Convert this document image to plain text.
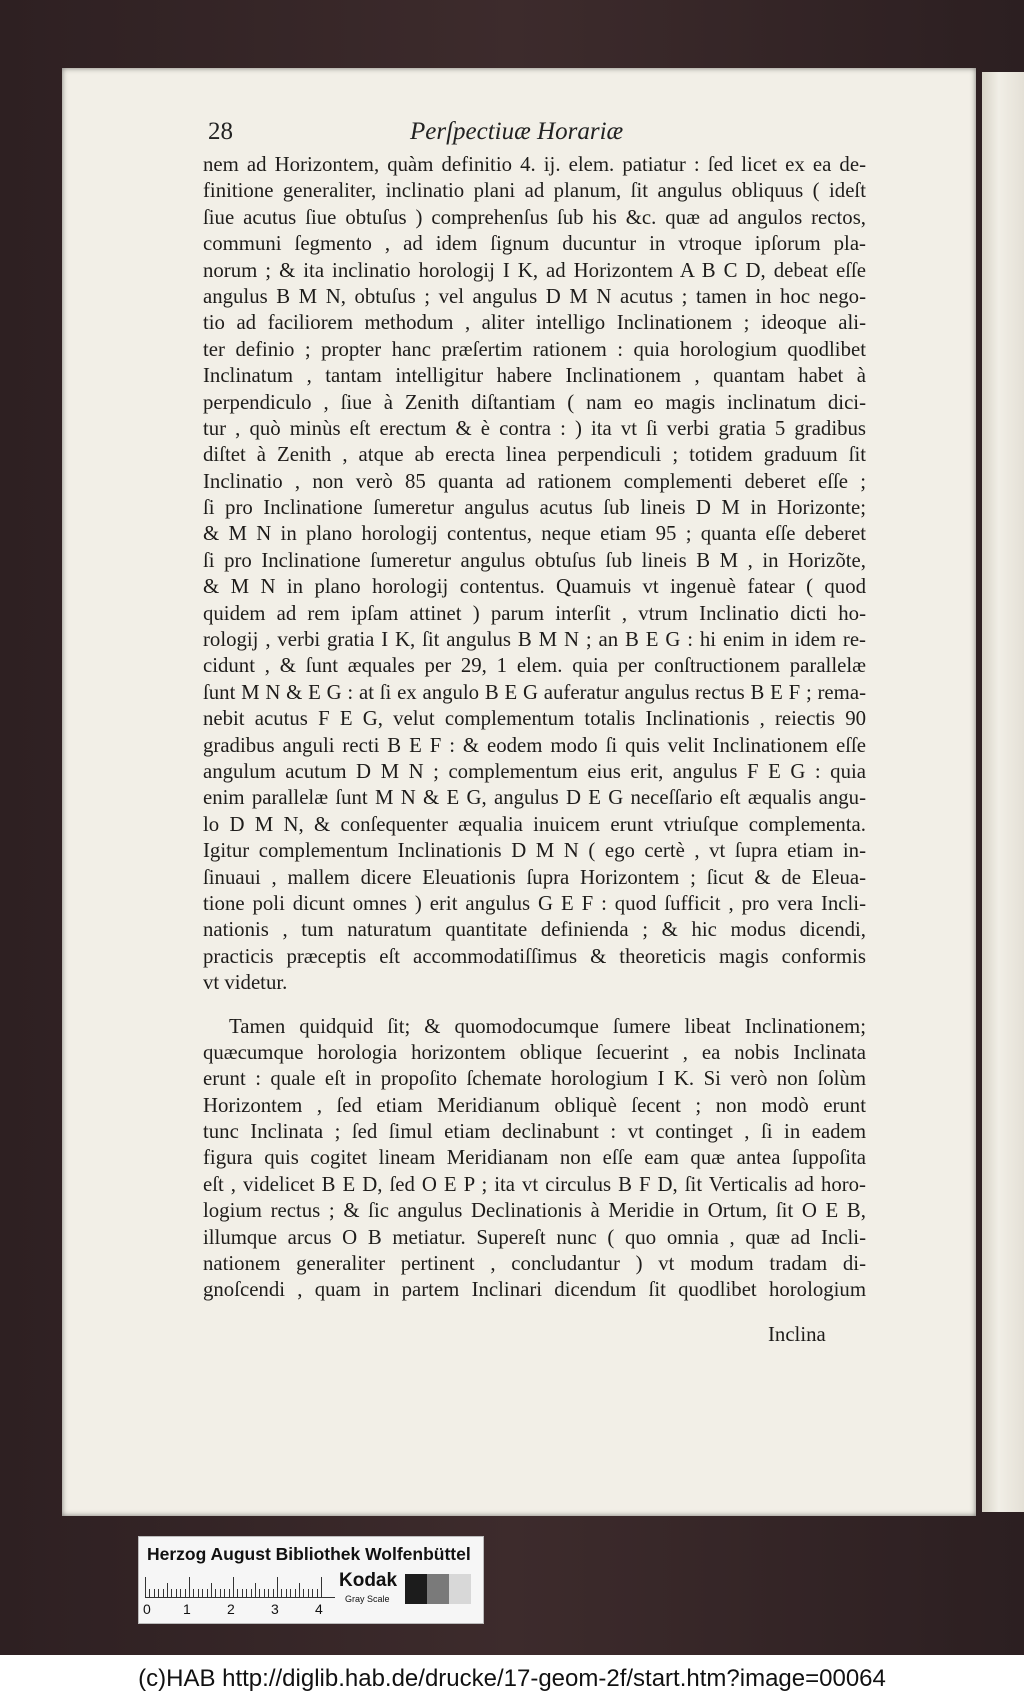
28	Perſpectiuæ Horariæ
nem ad Horizontem, quàm definitio 4. ij. elem. patiatur : ſed licet ex ea de-
finitione generaliter, inclinatio plani ad planum, ſit angulus obliquus ( ideſt
ſiue acutus ſiue obtuſus ) comprehenſus ſub his &c. quæ ad angulos rectos,
communi ſegmento , ad idem ſignum ducuntur in vtroque ipſorum pla-
norum ; & ita inclinatio horologij I K, ad Horizontem A B C D, debeat eſſe
angulus B M N, obtuſus ; vel angulus D M N acutus ; tamen in hoc nego-
tio ad faciliorem methodum , aliter intelligo Inclinationem ; ideoque ali-
ter definio ; propter hanc præſertim rationem : quia horologium quodlibet
Inclinatum , tantam intelligitur habere Inclinationem , quantam habet à
perpendiculo , ſiue à Zenith diſtantiam ( nam eo magis inclinatum dici-
tur , quò minùs eſt erectum & è contra : ) ita vt ſi verbi gratia 5 gradibus
diſtet à Zenith , atque ab erecta linea perpendiculi ; totidem graduum ſit
Inclinatio , non verò 85 quanta ad rationem complementi deberet eſſe ;
ſi pro Inclinatione ſumeretur angulus acutus ſub lineis D M in Horizonte;
& M N in plano horologij contentus, neque etiam 95 ; quanta eſſe deberet
ſi pro Inclinatione ſumeretur angulus obtuſus ſub lineis B M , in Horizõte,
& M N in plano horologij contentus. Quamuis vt ingenuè fatear ( quod
quidem ad rem ipſam attinet ) parum interſit , vtrum Inclinatio dicti ho-
rologij , verbi gratia I K, ſit angulus B M N ; an B E G : hi enim in idem re-
cidunt , & ſunt æquales per 29, 1 elem. quia per conſtructionem parallelæ
ſunt M N & E G : at ſi ex angulo B E G auferatur angulus rectus B E F ; rema-
nebit acutus F E G, velut complementum totalis Inclinationis , reiectis 90
gradibus anguli recti B E F : & eodem modo ſi quis velit Inclinationem eſſe
angulum acutum D M N ; complementum eius erit, angulus F E G : quia
enim parallelæ ſunt M N & E G, angulus D E G neceſſario eſt æqualis angu-
lo D M N, & conſequenter æqualia inuicem erunt vtriuſque complementa.
Igitur complementum Inclinationis D M N ( ego certè , vt ſupra etiam in-
ſinuaui , mallem dicere Eleuationis ſupra Horizontem ; ſicut & de Eleua-
tione poli dicunt omnes ) erit angulus G E F : quod ſufficit , pro vera Incli-
nationis , tum naturatum quantitate definienda ; & hic modus dicendi,
practicis præceptis eſt accommodatiſſimus & theoreticis magis conformis
vt videtur.
Tamen quidquid ſit; & quomodocumque ſumere libeat Inclinationem;
quæcumque horologia horizontem oblique ſecuerint , ea nobis Inclinata
erunt : quale eſt in propoſito ſchemate horologium I K. Si verò non ſolùm
Horizontem , ſed etiam Meridianum obliquè ſecent ; non modò erunt
tunc Inclinata ; ſed ſimul etiam declinabunt : vt continget , ſi in eadem
figura quis cogitet lineam Meridianam non eſſe eam quæ antea ſuppoſita
eſt , videlicet B E D, ſed O E P ; ita vt circulus B F D, ſit Verticalis ad horo-
logium rectus ; & ſic angulus Declinationis à Meridie in Ortum, ſit O E B,
illumque arcus O B metiatur. Supereſt nunc ( quo omnia , quæ ad Incli-
nationem generaliter pertinent , concludantur ) vt modum tradam di-
gnoſcendi , quam in partem Inclinari dicendum ſit quodlibet horologium
Inclina
Herzog August Bibliothek Wolfenbüttel
0 1	2	3	4
Kodak
Gray Scale
(c)HAB http://diglib.hab.de/drucke/17-geom-2f/start.htm?image=00064
